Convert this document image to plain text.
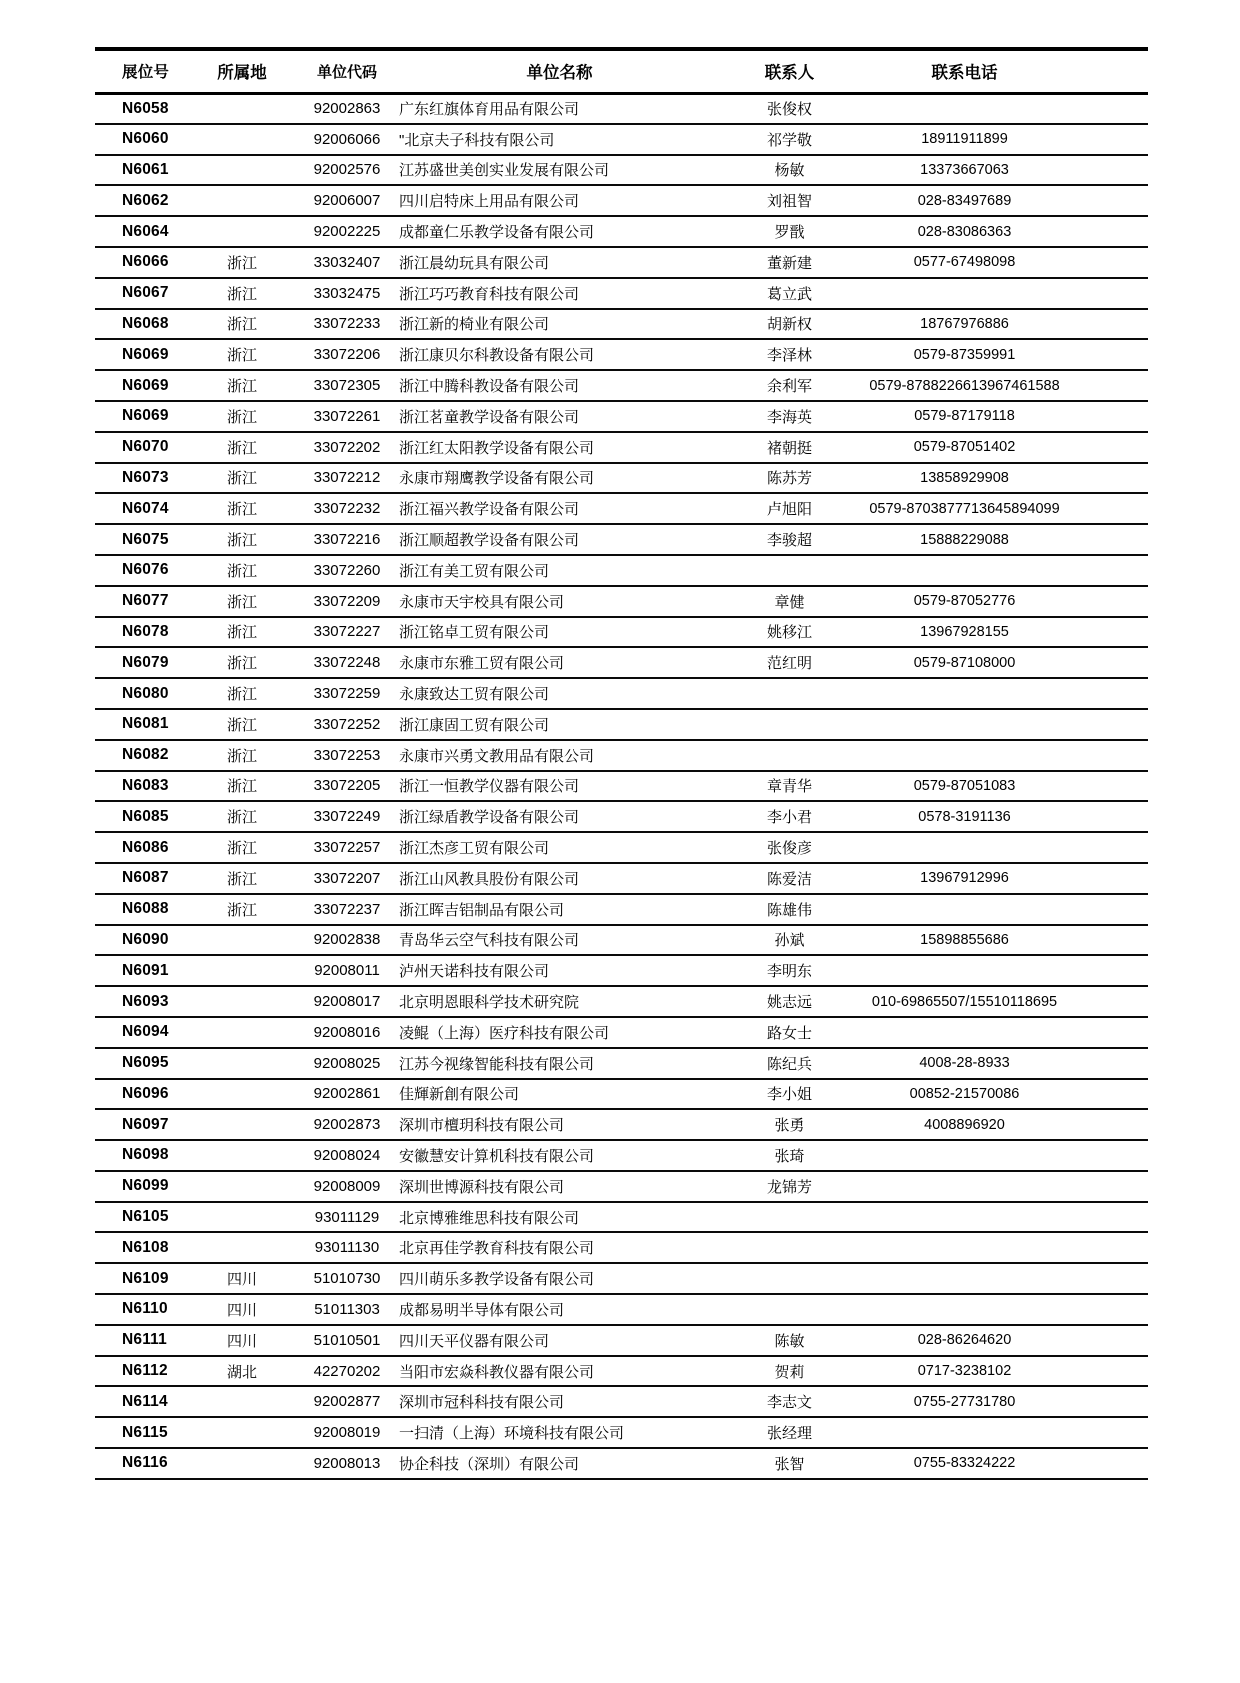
展位号	所属地	单位代码	单位名称	联系人	联系电话
N6058		92002863	广东红旗体育用品有限公司	张俊权	
N6060		92006066	"北京夫子科技有限公司	祁学敬	18911911899
N6061		92002576	江苏盛世美创实业发展有限公司	杨敏	13373667063
N6062		92006007	四川启特床上用品有限公司	刘祖智	028-83497689
N6064		92002225	成都童仁乐教学设备有限公司	罗戬	028-83086363
N6066	浙江	33032407	浙江晨幼玩具有限公司	董新建	0577-67498098
N6067	浙江	33032475	浙江巧巧教育科技有限公司	葛立武	
N6068	浙江	33072233	浙江新的椅业有限公司	胡新权	18767976886
N6069	浙江	33072206	浙江康贝尔科教设备有限公司	李泽林	0579-87359991
N6069	浙江	33072305	浙江中腾科教设备有限公司	余利军	0579-8788226613967461588
N6069	浙江	33072261	浙江茗童教学设备有限公司	李海英	0579-87179118
N6070	浙江	33072202	浙江红太阳教学设备有限公司	褚朝挺	0579-87051402
N6073	浙江	33072212	永康市翔鹰教学设备有限公司	陈苏芳	13858929908
N6074	浙江	33072232	浙江福兴教学设备有限公司	卢旭阳	0579-8703877713645894099
N6075	浙江	33072216	浙江顺超教学设备有限公司	李骏超	15888229088
N6076	浙江	33072260	浙江有美工贸有限公司		
N6077	浙江	33072209	永康市天宇校具有限公司	章健	0579-87052776
N6078	浙江	33072227	浙江铭卓工贸有限公司	姚移江	13967928155
N6079	浙江	33072248	永康市东雅工贸有限公司	范红明	0579-87108000
N6080	浙江	33072259	永康致达工贸有限公司		
N6081	浙江	33072252	浙江康固工贸有限公司		
N6082	浙江	33072253	永康市兴勇文教用品有限公司		
N6083	浙江	33072205	浙江一恒教学仪器有限公司	章青华	0579-87051083
N6085	浙江	33072249	浙江绿盾教学设备有限公司	李小君	0578-3191136
N6086	浙江	33072257	浙江杰彦工贸有限公司	张俊彦	
N6087	浙江	33072207	浙江山风教具股份有限公司	陈爱洁	13967912996
N6088	浙江	33072237	浙江晖吉铝制品有限公司	陈雄伟	
N6090		92002838	青岛华云空气科技有限公司	孙斌	15898855686
N6091		92008011	泸州天诺科技有限公司	李明东	
N6093		92008017	北京明恩眼科学技术研究院	姚志远	010-69865507/15510118695
N6094		92008016	凌鲲（上海）医疗科技有限公司	路女士	
N6095		92008025	江苏今视缘智能科技有限公司	陈纪兵	4008-28-8933
N6096		92002861	佳輝新創有限公司	李小姐	00852-21570086
N6097		92002873	深圳市檀玥科技有限公司	张勇	4008896920
N6098		92008024	安徽慧安计算机科技有限公司	张琦	
N6099		92008009	深圳世博源科技有限公司	龙锦芳	
N6105		93011129	北京博雅维思科技有限公司		
N6108		93011130	北京再佳学教育科技有限公司		
N6109	四川	51010730	四川萌乐多教学设备有限公司		
N6110	四川	51011303	成都易明半导体有限公司		
N6111	四川	51010501	四川天平仪器有限公司	陈敏	028-86264620
N6112	湖北	42270202	当阳市宏焱科教仪器有限公司	贺莉	0717-3238102
N6114		92002877	深圳市冠科科技有限公司	李志文	0755-27731780
N6115		92008019	一扫清（上海）环境科技有限公司	张经理	
N6116		92008013	协企科技（深圳）有限公司	张智	0755-83324222
